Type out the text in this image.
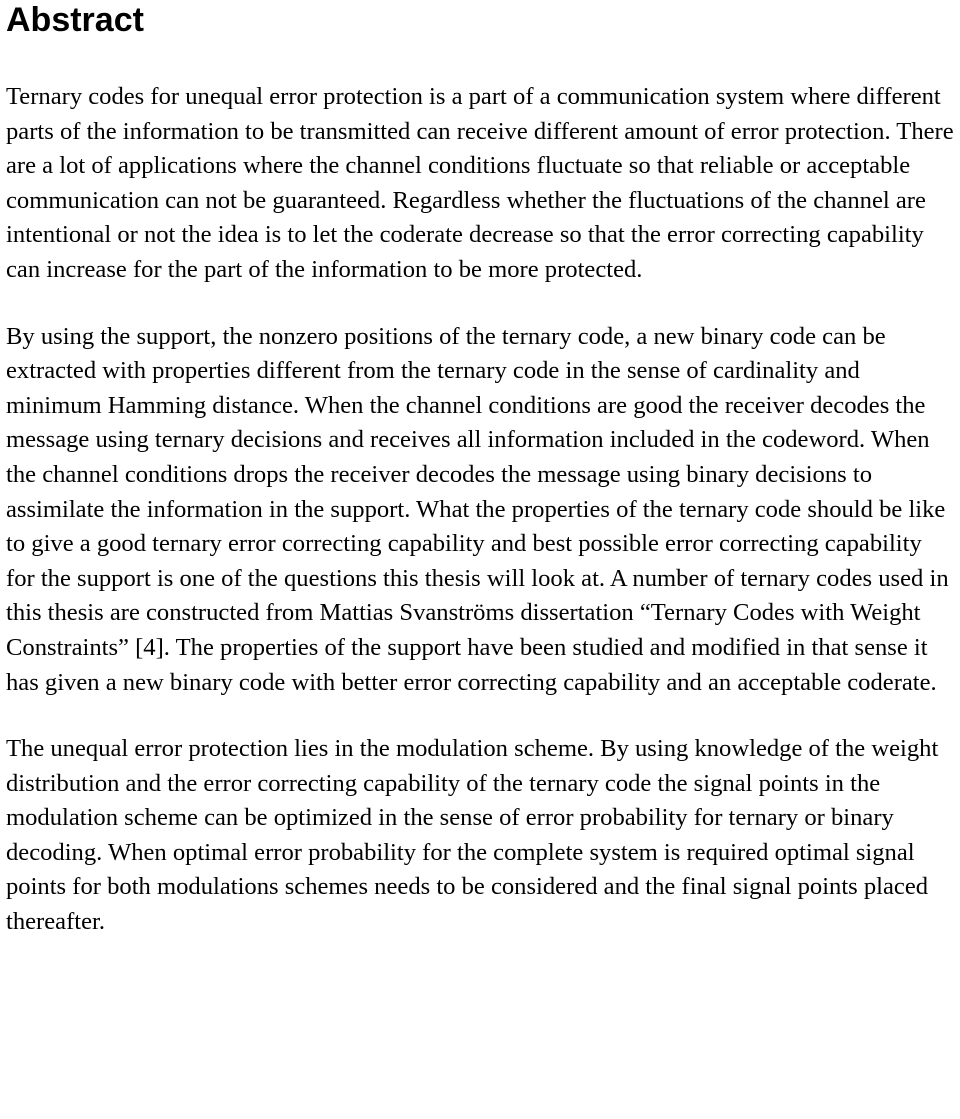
Abstract

Ternary codes for unequal error protection is a part of a communication system where different parts of the information to be transmitted can receive different amount of error protection. There are a lot of applications where the channel conditions fluctuate so that reliable or acceptable communication can not be guaranteed. Regardless whether the fluctuations of the channel are intentional or not the idea is to let the coderate decrease so that the error correcting capability can increase for the part of the information to be more protected.

By using the support, the nonzero positions of the ternary code, a new binary code can be extracted with properties different from the ternary code in the sense of cardinality and minimum Hamming distance. When the channel conditions are good the receiver decodes the message using ternary decisions and receives all information included in the codeword. When the channel conditions drops the receiver decodes the message using binary decisions to assimilate the information in the support. What the properties of the ternary code should be like to give a good ternary error correcting capability and best possible error correcting capability for the support is one of the questions this thesis will look at. A number of ternary codes used in this thesis are constructed from Mattias Svanströms dissertation “Ternary Codes with Weight Constraints” [4]. The properties of the support have been studied and modified in that sense it has given a new binary code with better error correcting capability and an acceptable coderate.

The unequal error protection lies in the modulation scheme. By using knowledge of the weight distribution and the error correcting capability of the ternary code the signal points in the modulation scheme can be optimized in the sense of error probability for ternary or binary decoding. When optimal error probability for the complete system is required optimal signal points for both modulations schemes needs to be considered and the final signal points placed thereafter.
